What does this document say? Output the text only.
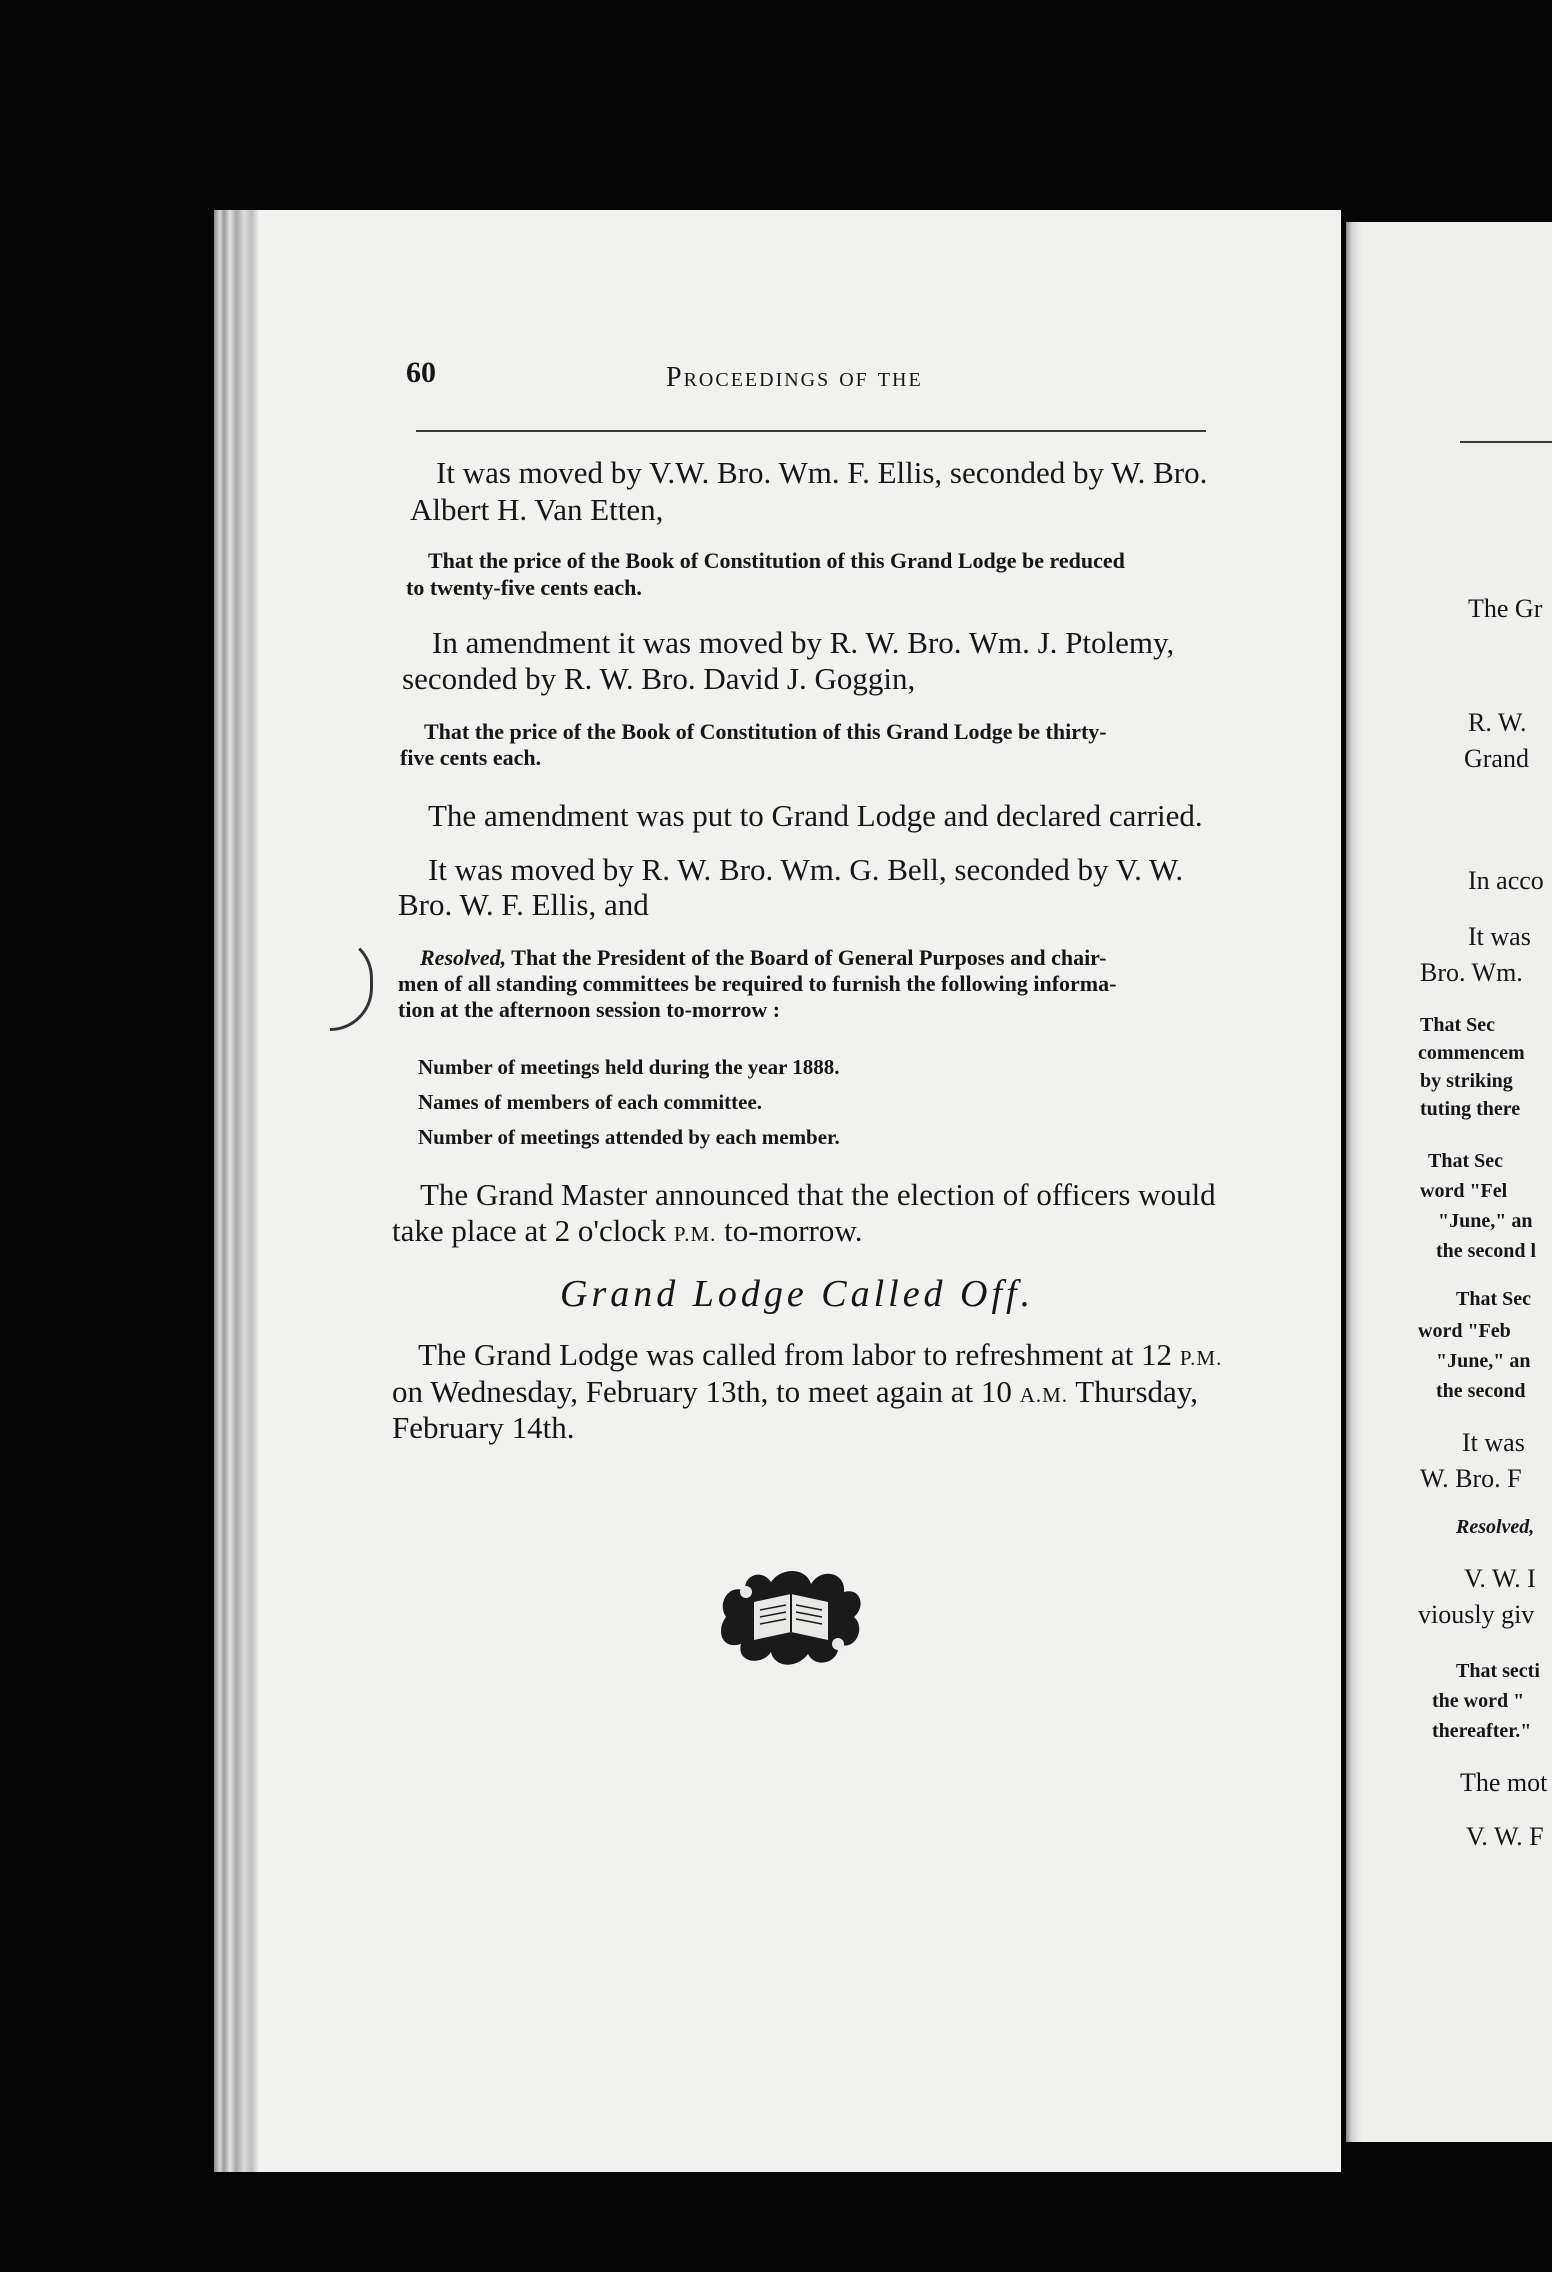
60	Proceedings of the
It was moved by V.W. Bro. Wm. F. Ellis, seconded by W. Bro.
Albert H. Van Etten,
That the price of the Book of Constitution of this Grand Lodge be reduced
to twenty-five cents each.
In amendment it was moved by R. W. Bro. Wm. J. Ptolemy,
seconded by R. W. Bro. David J. Goggin,
That the price of the Book of Constitution of this Grand Lodge be thirty-
five cents each.
The amendment was put to Grand Lodge and declared carried.
It was moved by R. W. Bro. Wm. G. Bell, seconded by V. W.
Bro. W. F. Ellis, and
Resolved, That the President of the Board of General Purposes and chair-
men of all standing committees be required to furnish the following informa-
tion at the afternoon session to-morrow :
Number of meetings held during the year 1888.
Names of members of each committee.
Number of meetings attended by each member.
The Grand Master announced that the election of officers would
take place at 2 o'clock P.M. to-morrow.
Grand Lodge Called Off.
The Grand Lodge was called from labor to refreshment at 12 P.M.
on Wednesday, February 13th, to meet again at 10 A.M. Thursday,
February 14th.
The Gr
R. W.
Grand
In acco
It was
Bro. Wm.
That Sec
commencem
by striking
tuting there
That Sec
word "Fel
"June," an
the second l
That Sec
word "Feb
"June," an
the second
It was
W. Bro. F
Resolved,
V. W. I
viously giv
That secti
the word "
thereafter."
The mot
V. W. F
